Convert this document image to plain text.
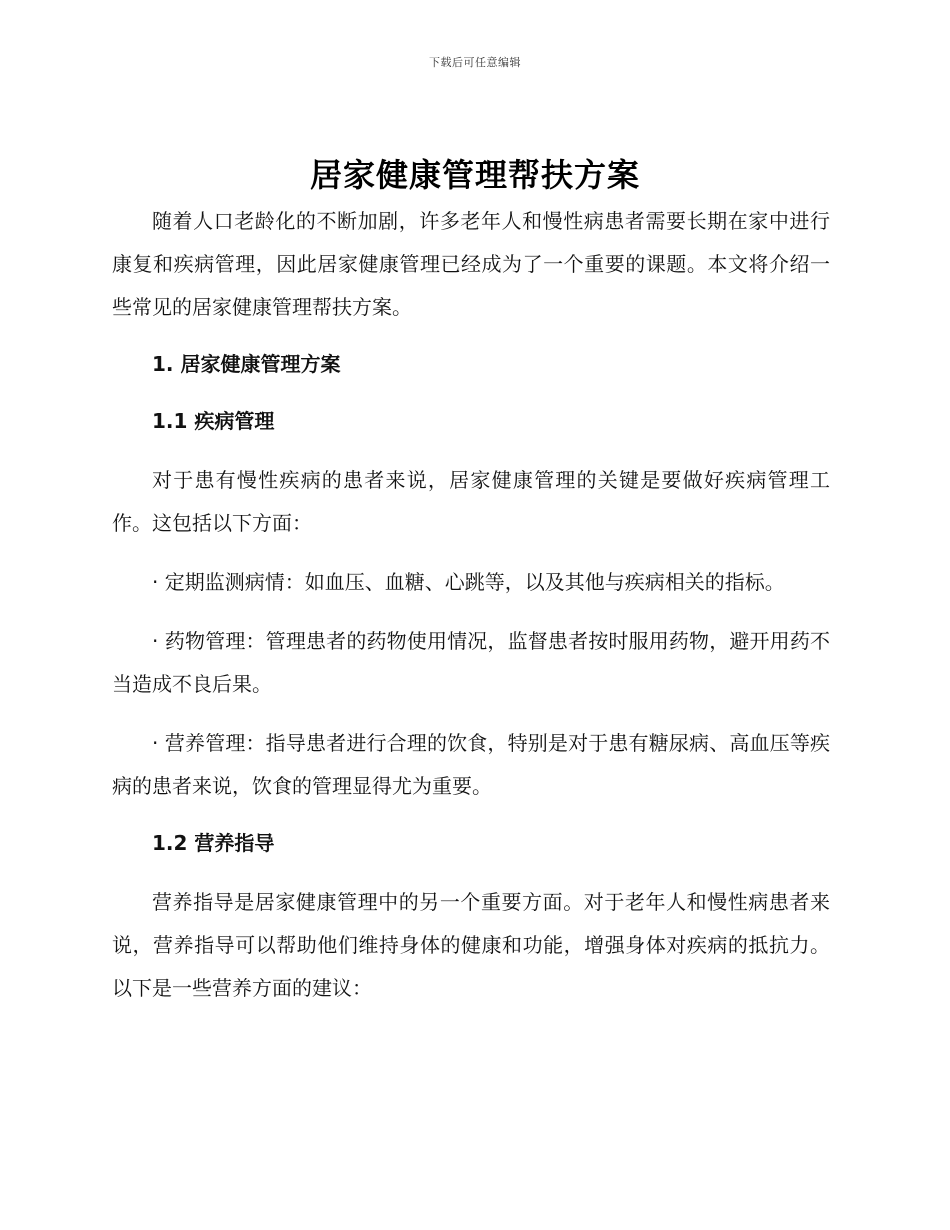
下载后可任意编辑
居家健康管理帮扶方案

随着人口老龄化的不断加剧，许多老年人和慢性病患者需要长期在家中进行康复和疾病管理，因此居家健康管理已经成为了一个重要的课题。本文将介绍一些常见的居家健康管理帮扶方案。

1. 居家健康管理方案

1.1 疾病管理

对于患有慢性疾病的患者来说，居家健康管理的关键是要做好疾病管理工作。这包括以下方面：

· 定期监测病情：如血压、血糖、心跳等，以及其他与疾病相关的指标。

· 药物管理：管理患者的药物使用情况，监督患者按时服用药物，避开用药不当造成不良后果。

· 营养管理：指导患者进行合理的饮食，特别是对于患有糖尿病、高血压等疾病的患者来说，饮食的管理显得尤为重要。

1.2 营养指导

营养指导是居家健康管理中的另一个重要方面。对于老年人和慢性病患者来说，营养指导可以帮助他们维持身体的健康和功能，增强身体对疾病的抵抗力。以下是一些营养方面的建议：
